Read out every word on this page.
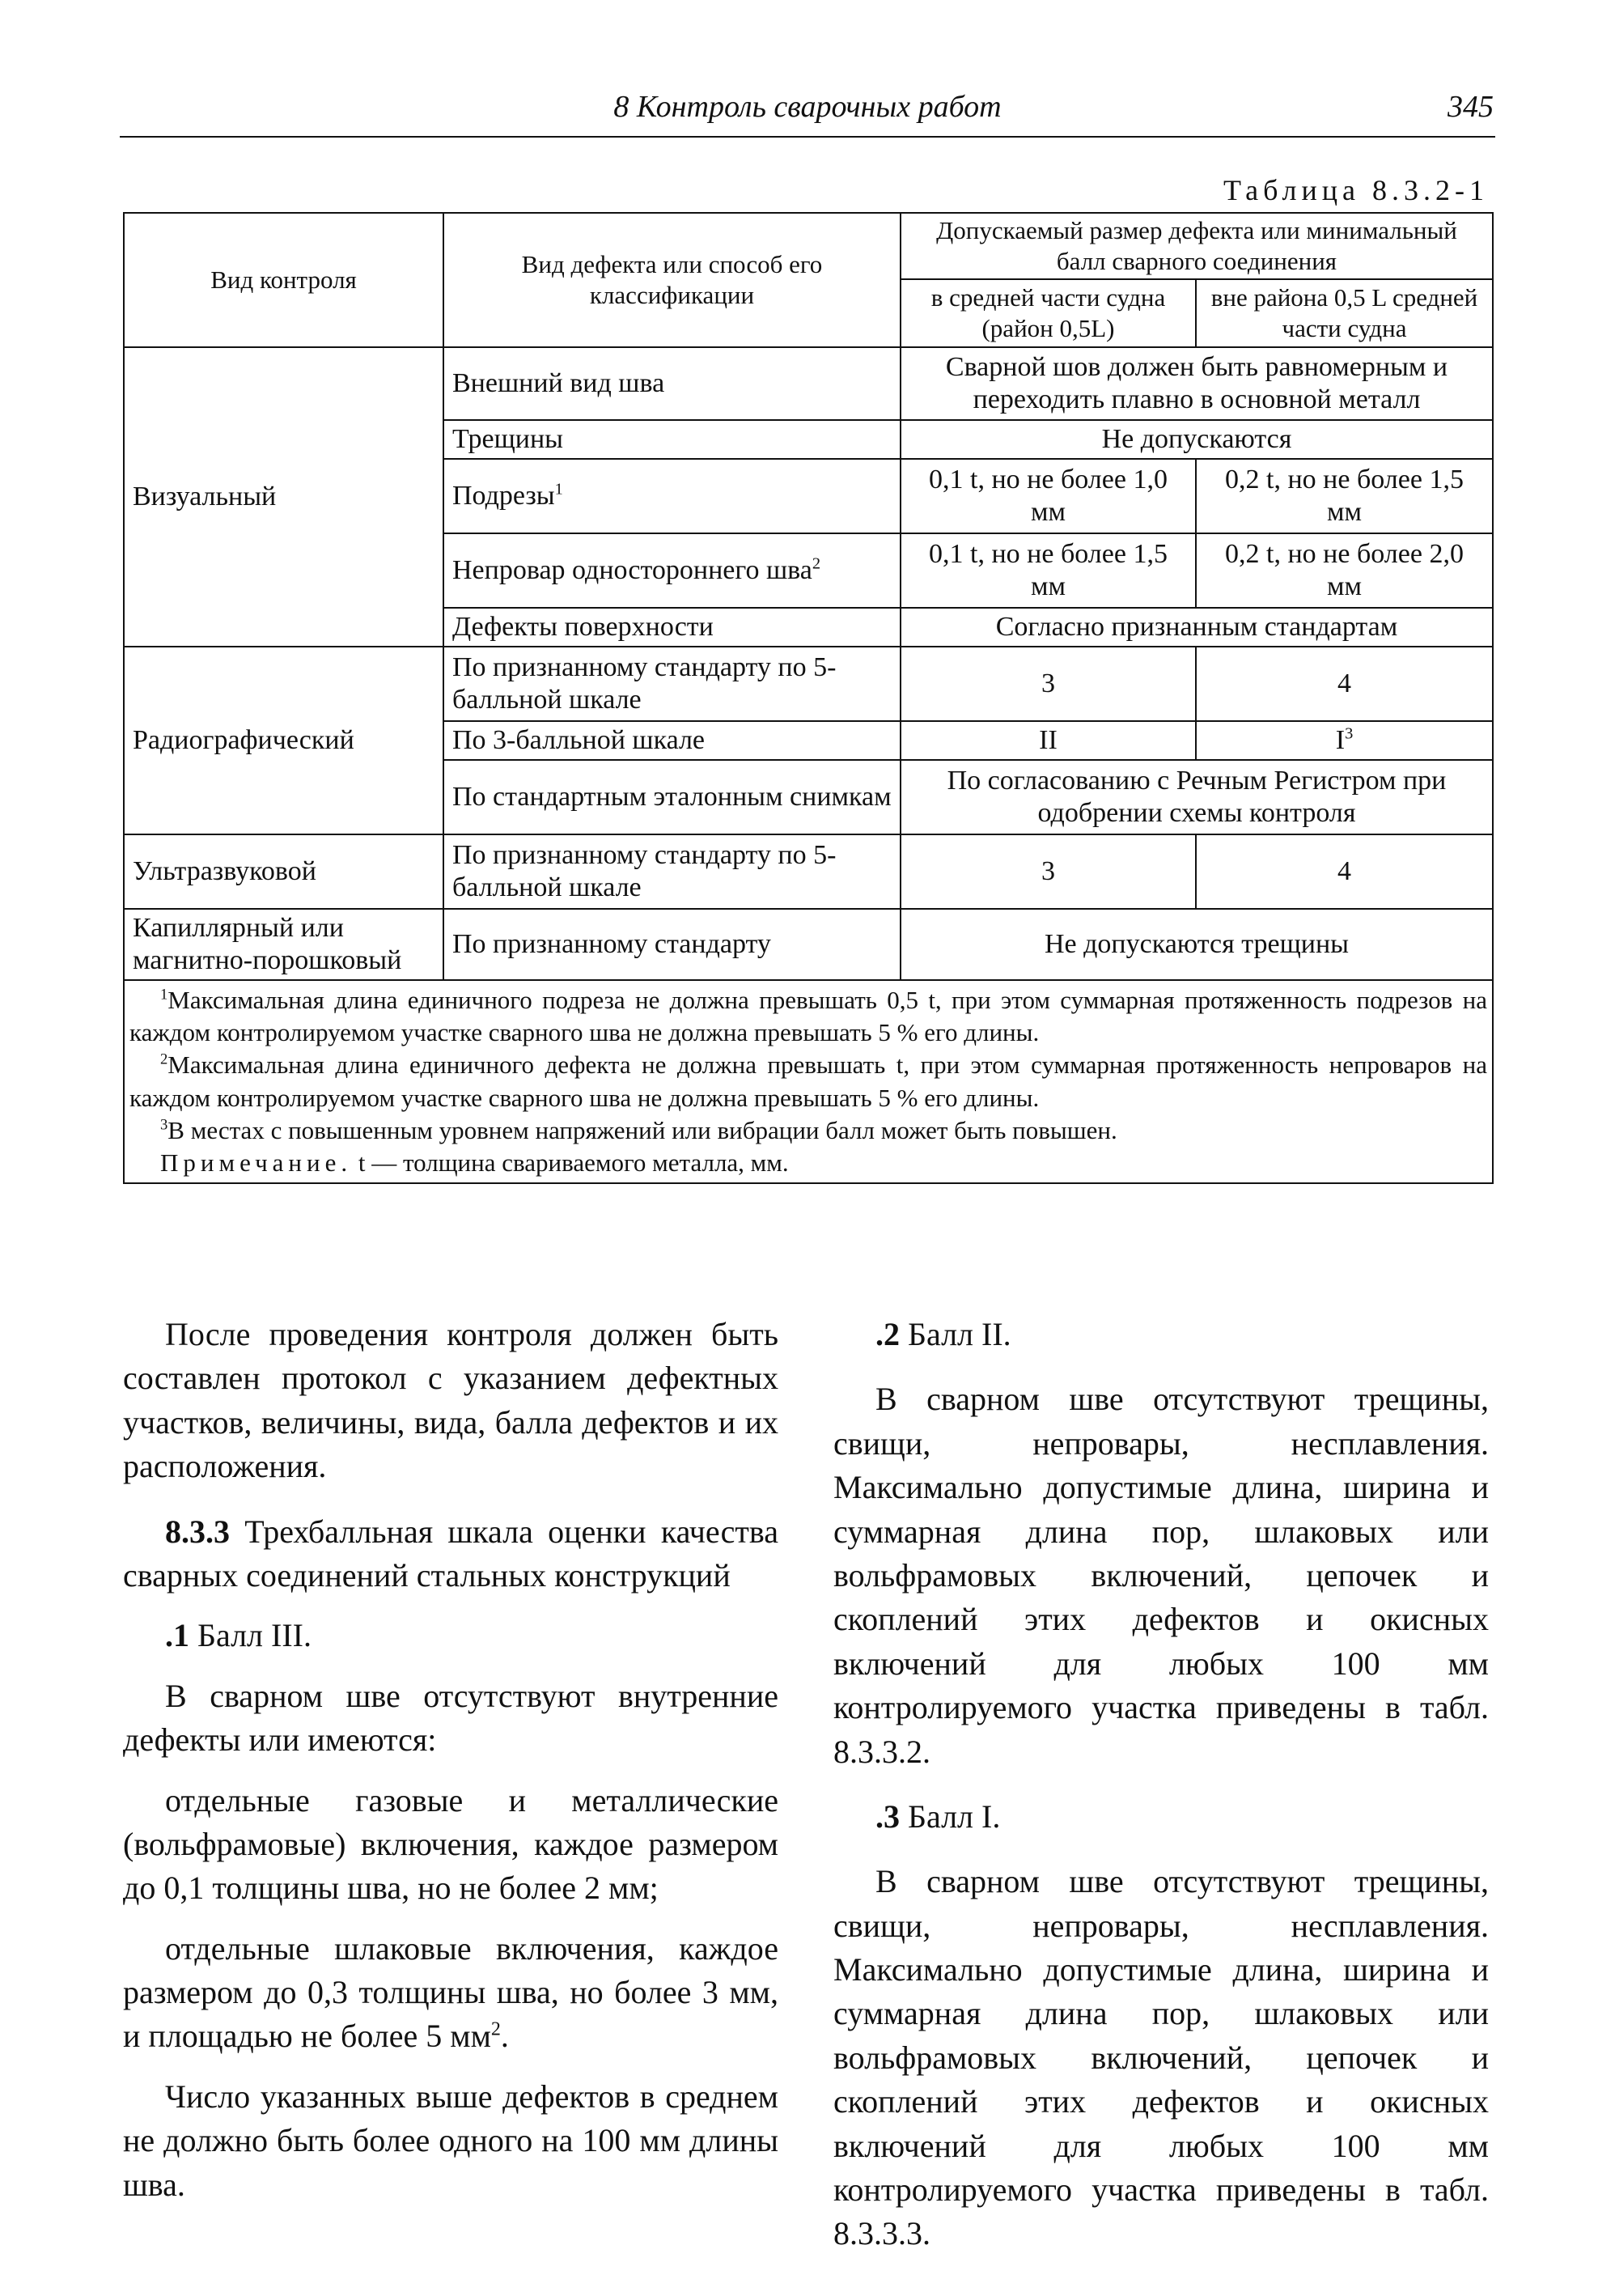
8 Контроль сварочных работ	345
Таблица 8.3.2-1
Вид контроля	Вид дефекта или способ его классификации	Допускаемый размер дефекта или минимальный балл сварного соединения	
		в средней части судна (район 0,5L)	вне района 0,5 L средней части судна
Визуальный	Внешний вид шва	Сварной шов должен быть равномерным и переходить плавно в основной металл	
	Трещины	Не допускаются	
	Подрезы$^1$	0,1 t, но не более 1,0 мм	0,2 t, но не более 1,5 мм
	Непровар одностороннего шва$^2$	0,1 t, но не более 1,5 мм	0,2 t, но не более 2,0 мм
	Дефекты поверхности	Согласно признанным стандартам	
Радиографический	По признанному стандарту по 5-балльной шкале	3	4
	По 3-балльной шкале	II	$I^3$
	По стандартным эталонным снимкам	По согласованию с Речным Регистром при одобрении схемы контроля	
Ультразвуковой	По признанному стандарту по 5-балльной шкале	3	4
Капиллярный или магнитно-порошковый	По признанному стандарту	Не допускаются трещины	

$^1$Максимальная длина единичного подреза не должна превышать 0,5 t, при этом суммарная протяженность подрезов на каждом контролируемом участке сварного шва не должна превышать 5 % его длины.

$^2$Максимальная длина единичного дефекта не должна превышать t, при этом суммарная протяженность непроваров на каждом контролируемом участке сварного шва не должна превышать 5 % его длины.

$^3$В местах с повышенным уровнем напряжений или вибрации балл может быть повышен.

Примечание. t — толщина свариваемого металла, мм.			

После проведения контроля должен быть составлен протокол с указанием дефектных участков, величины, вида, балла дефектов и их расположения.

8.3.3 Трехбалльная шкала оценки качества сварных соединений стальных конструкций

.1 Балл III.

В сварном шве отсутствуют внутренние дефекты или имеются:

отдельные газовые и металлические (вольфрамовые) включения, каждое размером до 0,1 толщины шва, но не более 2 мм;

отдельные шлаковые включения, каждое размером до 0,3 толщины шва, но более 3 мм, и площадью не более 5 $мм^2$.

Число указанных выше дефектов в среднем не должно быть более одного на 100 мм длины шва.

.2 Балл II.

В сварном шве отсутствуют трещины, свищи, непровары, несплавления. Максимально допустимые длина, ширина и суммарная длина пор, шлаковых или вольфрамовых включений, цепочек и скоплений этих дефектов и окисных включений для любых 100 мм контролируемого участка приведены в табл. 8.3.3.2.

.3 Балл I.

В сварном шве отсутствуют трещины, свищи, непровары, несплавления. Максимально допустимые длина, ширина и суммарная длина пор, шлаковых или вольфрамовых включений, цепочек и скоплений этих дефектов и окисных включений для любых 100 мм контролируемого участка приведены в табл. 8.3.3.3.
